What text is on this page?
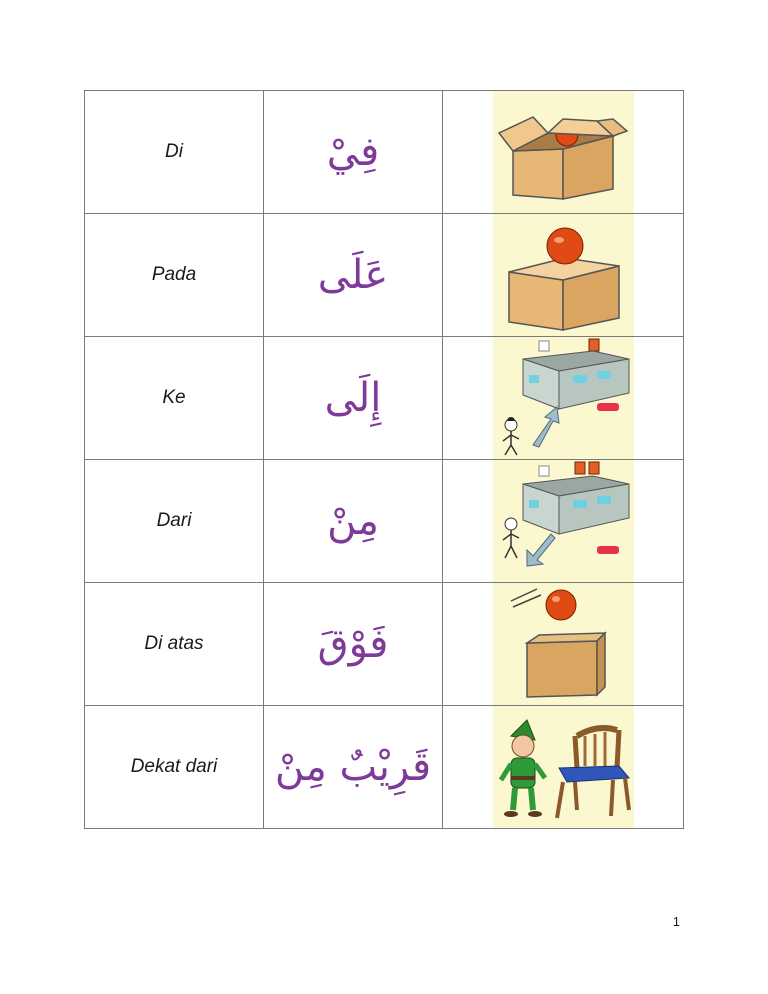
Di	فِيْ	

Pada	عَلَى	

Ke	إِلَى	

Dari	مِنْ	

Di atas	فَوْقَ	

Dekat dari	قَرِيْبٌ مِنْ	
1
